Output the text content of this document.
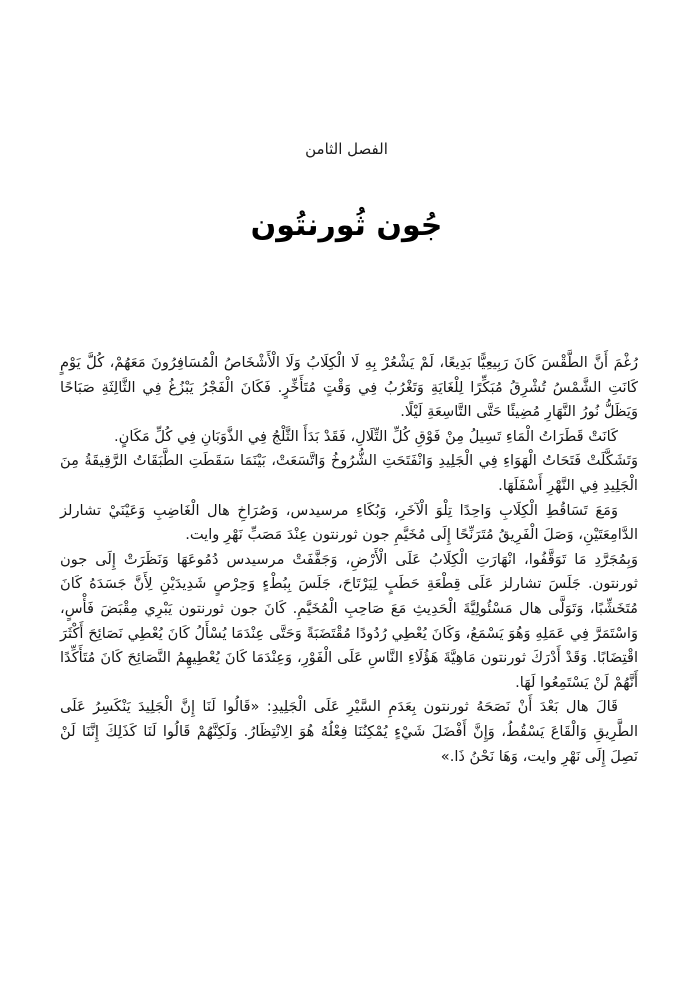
الفصل الثامن
جُون ثُورنتُون

رُغْمَ أَنَّ الطَّقْسَ كَانَ رَبِيعِيًّا بَدِيعًا، لَمْ يَشْعُرْ بِهِ لَا الْكِلَابُ وَلَا الْأَشْخَاصُ الْمُسَافِرُونَ مَعَهُمْ، كُلَّ يَوْمٍ كَانَتِ الشَّمْسُ تُشْرِقُ مُبَكِّرًا لِلْغَايَةِ وَتَغْرُبُ فِي وَقْتٍ مُتَأَخِّرٍ. فَكَانَ الْفَجْرُ يَبْزُغُ فِي الثَّالِثَةِ صَبَاحًا وَيَظَلُّ نُورُ النَّهَارِ مُضِيئًا حَتَّى التَّاسِعَةِ لَيْلًا.

كَانَتْ قَطَرَاتُ الْمَاءِ تَسِيلُ مِنْ فَوْقِ كُلِّ التِّلَالِ، فَقَدْ بَدَأَ الثَّلْجُ فِي الذَّوَبَانِ فِي كُلِّ مَكَانٍ.

وَتَشَكَّلَتْ فَتَحَاتُ الْهَوَاءِ فِي الْجَلِيدِ وَانْفَتَحَتِ الشُّرُوخُ وَاتَّسَعَتْ، بَيْنَمَا سَقَطَتِ الطَّبَقَاتُ الرَّقِيقَةُ مِنَ الْجَلِيدِ فِي النَّهْرِ أَسْفَلَهَا.

وَمَعَ تَسَاقُطِ الْكِلَابِ وَاحِدًا تِلْوَ الْآخَرِ، وَبُكَاءِ مرسيدس، وَصُرَاخِ هال الْغَاضِبِ وَعَيْنَيْ تشارلز الدَّامِعَتَيْنِ، وَصَلَ الْفَرِيقُ مُتَرَنِّحًا إِلَى مُخَيَّمِ جون ثورنتون عِنْدَ مَصَبِّ نَهْرِ وايت.

وَبِمُجَرَّدِ مَا تَوَقَّفُوا، انْهَارَتِ الْكِلَابُ عَلَى الْأَرْضِ، وَجَفَّفَتْ مرسيدس دُمُوعَهَا وَنَظَرَتْ إِلَى جون ثورنتون. جَلَسَ تشارلز عَلَى قِطْعَةِ حَطَبٍ لِيَرْتَاحَ، جَلَسَ بِبُطْءٍ وَحِرْصٍ شَدِيدَيْنِ لِأَنَّ جَسَدَهُ كَانَ مُتَخَشِّبًا، وَتَوَلَّى هال مَسْئُولِيَّةَ الْحَدِيثِ مَعَ صَاحِبِ الْمُخَيَّمِ. كَانَ جون ثورنتون يَبْرِي مِقْبَضَ فَأْسٍ، وَاسْتَمَرَّ فِي عَمَلِهِ وَهُوَ يَسْمَعُ، وَكَانَ يُعْطِي رُدُودًا مُقْتَضَبَةً وَحَتَّى عِنْدَمَا يُسْأَلُ كَانَ يُعْطِي نَصَائِحَ أَكْثَرَ اقْتِضَابًا. وَقَدْ أَدْرَكَ ثورنتون مَاهِيَّةَ هَؤُلَاءِ النَّاسِ عَلَى الْفَوْرِ، وَعِنْدَمَا كَانَ يُعْطِيهِمُ النَّصَائِحَ كَانَ مُتَأَكِّدًا أَنَّهُمْ لَنْ يَسْتَمِعُوا لَهَا.

قَالَ هال بَعْدَ أَنْ نَصَحَهُ ثورنتون بِعَدَمِ السَّيْرِ عَلَى الْجَلِيدِ: «قَالُوا لَنَا إِنَّ الْجَلِيدَ يَنْكَسِرُ عَلَى الطَّرِيقِ وَالْقَاعَ يَسْقُطُ، وَإِنَّ أَفْضَلَ شَيْءٍ يُمْكِنُنَا فِعْلُهُ هُوَ الِانْتِظَارُ. وَلَكِنَّهُمْ قَالُوا لَنَا كَذَلِكَ إِنَّنَا لَنْ نَصِلَ إِلَى نَهْرِ وايت، وَهَا نَحْنُ ذَا.»
